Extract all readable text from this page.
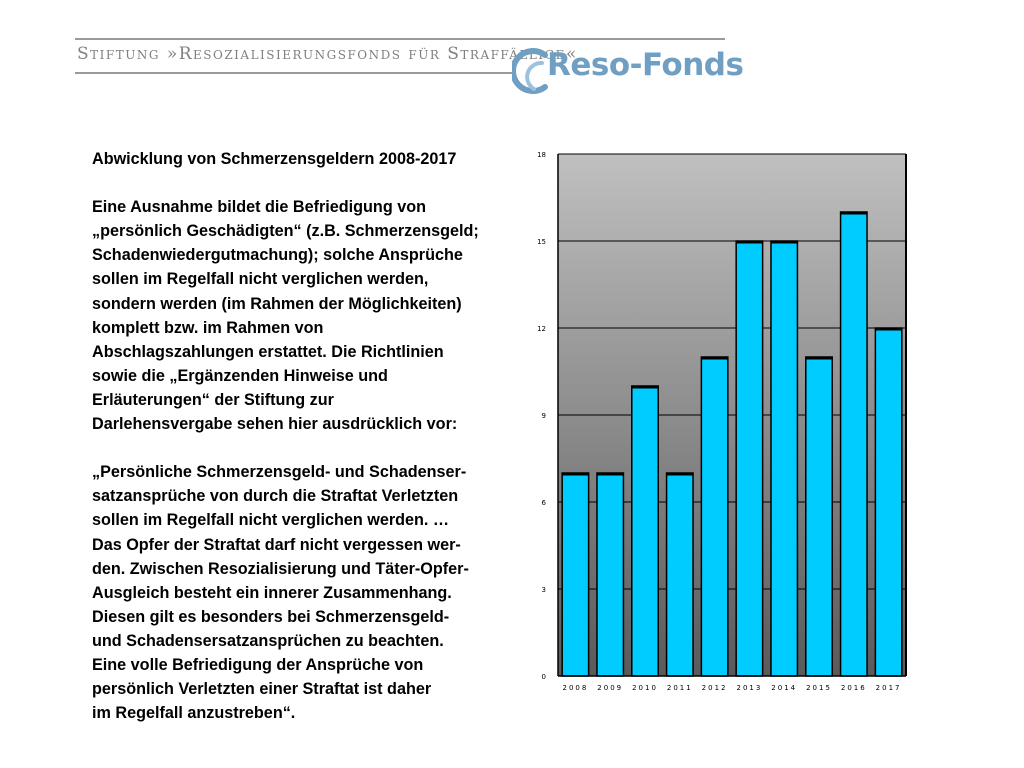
Stiftung »Resozialisierungsfonds für Straffällige«
Reso-Fonds
Abwicklung von Schmerzensgeldern 2008-2017
Eine Ausnahme bildet die Befriedigung von
„persönlich Geschädigten“ (z.B. Schmerzensgeld;
Schadenwiedergutmachung); solche Ansprüche
sollen im Regelfall nicht verglichen werden,
sondern werden (im Rahmen der Möglichkeiten)
komplett bzw. im Rahmen von
Abschlagszahlungen erstattet. Die Richtlinien
sowie die „Ergänzenden Hinweise und
Erläuterungen“ der Stiftung zur
Darlehensvergabe sehen hier ausdrücklich vor:
„Persönliche Schmerzensgeld- und Schadenser-
satzansprüche von durch die Straftat Verletzten
sollen im Regelfall nicht verglichen werden. …
Das Opfer der Straftat darf nicht vergessen wer-
den. Zwischen Resozialisierung und Täter-Opfer-
Ausgleich besteht ein innerer Zusammenhang.
Diesen gilt es besonders bei Schmerzensgeld-
und Schadensersatzansprüchen zu beachten.
Eine volle Befriedigung der Ansprüche von
persönlich Verletzten einer Straftat ist daher
im Regelfall anzustreben“.
0
3
6
9
12
15
18
2008 2009 2010 2011 2012 2013 2014 2015 2016 2017
